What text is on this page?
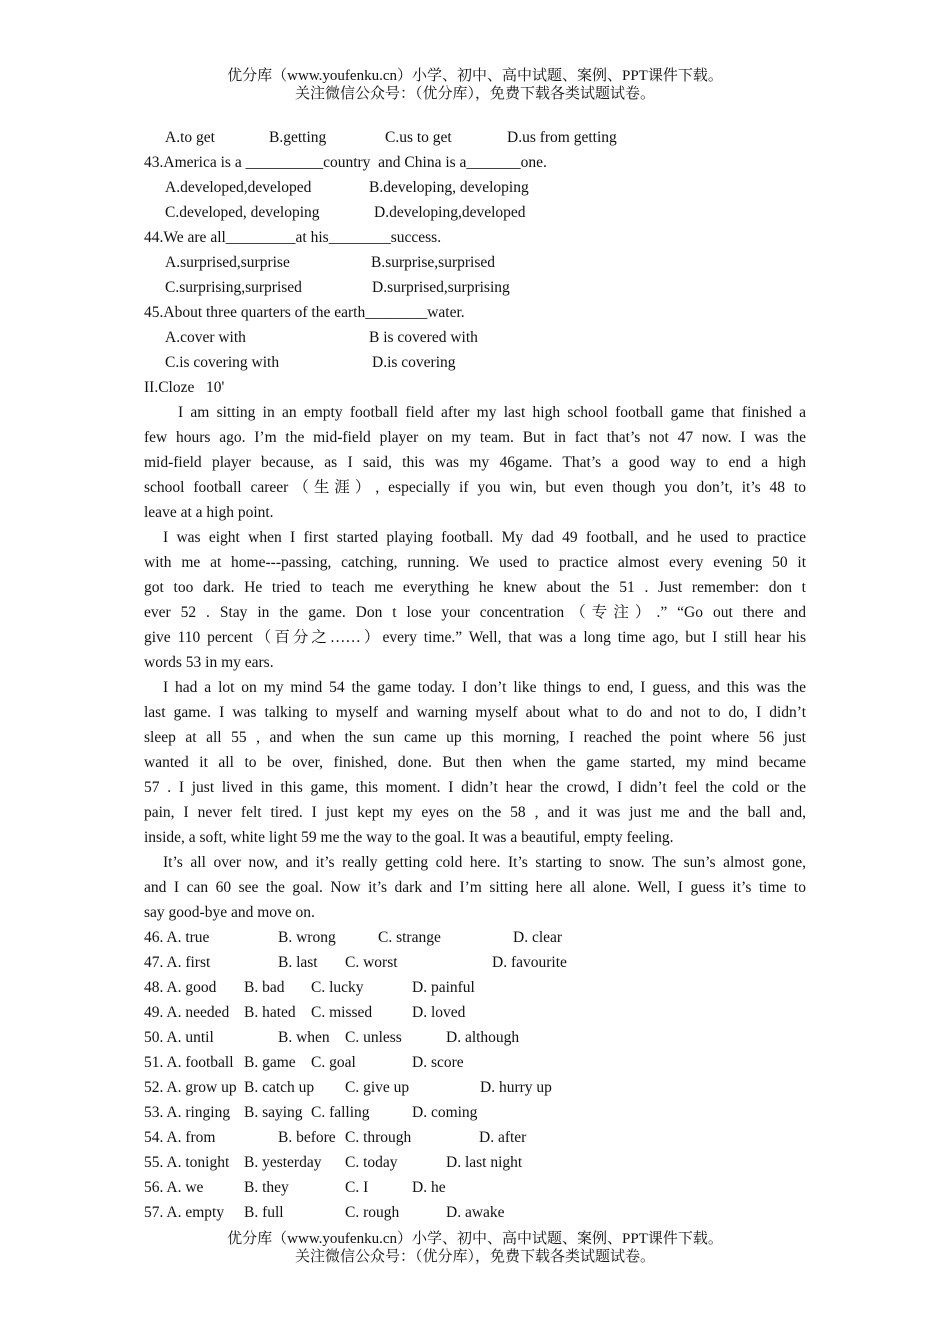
优分库（www.youfenku.cn）小学、初中、高中试题、案例、PPT课件下载。
关注微信公众号：（优分库），免费下载各类试题试卷。
A.to get	B.getting	C.us to get	D.us from getting
43.America is a __________country  and China is a_______one.
A.developed,developed	B.developing, developing
C.developed, developing	D.developing,developed
44.We are all_________at his________success.
A.surprised,surprise	B.surprise,surprised
C.surprising,surprised	D.surprised,surprising
45.About three quarters of the earth________water.
A.cover with	B is covered with
C.is covering with	D.is covering
II.Cloze   10'
I am sitting in an empty football field after my last high school football game that finished a
few hours ago. I’m the mid-field player on my team. But in fact that’s not 47 now. I was the
mid-field player because, as I said, this was my 46game. That’s a good way to end a high
school football career（生涯）, especially if you win, but even though you don’t, it’s 48 to
leave at a high point.
I was eight when I first started playing football. My dad 49 football, and he used to practice
with me at home---passing, catching, running. We used to practice almost every evening 50 it
got too dark. He tried to teach me everything he knew about the 51 . Just remember: don t
ever 52 . Stay in the game. Don t lose your concentration（专注）.” “Go out there and
give 110 percent（百分之……）every time.” Well, that was a long time ago, but I still hear his
words 53 in my ears.
I had a lot on my mind 54 the game today. I don’t like things to end, I guess, and this was the
last game. I was talking to myself and warning myself about what to do and not to do, I didn’t
sleep at all 55 , and when the sun came up this morning, I reached the point where 56 just
wanted it all to be over, finished, done. But then when the game started, my mind became
57 . I just lived in this game, this moment. I didn’t hear the crowd, I didn’t feel the cold or the
pain, I never felt tired. I just kept my eyes on the 58 , and it was just me and the ball and,
inside, a soft, white light 59 me the way to the goal. It was a beautiful, empty feeling.
It’s all over now, and it’s really getting cold here. It’s starting to snow. The sun’s almost gone,
and I can 60 see the goal. Now it’s dark and I’m sitting here all alone. Well, I guess it’s time to
say good-bye and move on.
46. A. true	B. wrong	C. strange	D. clear
47. A. first	B. last	C. worst	D. favourite
48. A. good	B. bad	C. lucky	D. painful
49. A. needed B. hated C. missed	D. loved
50. A. until	B. when C. unless	D. although
51. A. football B. game C. goal	D. score
52. A. grow up B. catch up	C. give up	D. hurry up
53. A. ringing B. saying C. falling	D. coming
54. A. from	B. before C. through	D. after
55. A. tonight B. yesterday	C. today	D. last night
56. A. we	B. they	C. I	D. he
57. A. empty	B. full	C. rough	D. awake
优分库（www.youfenku.cn）小学、初中、高中试题、案例、PPT课件下载。
关注微信公众号：（优分库），免费下载各类试题试卷。
